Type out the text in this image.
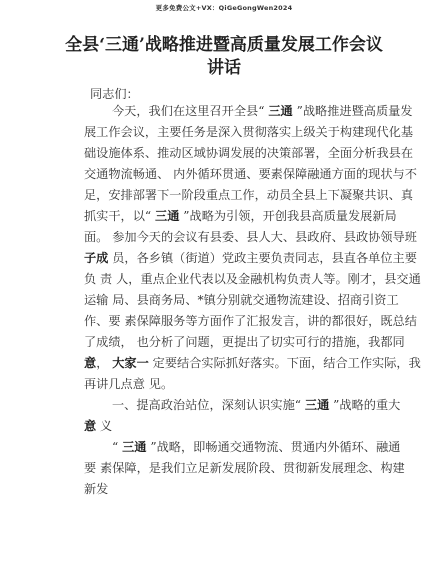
更多免费公文+VX：QiGeGongWen2024
全县‘三通’战略推进暨高质量发展工作会议
讲话
同志们：
今天，我们在这里召开全县“ 三通 ”战略推进暨高质量发
展工作会议，主要任务是深入贯彻落实上级关于构建现代化基
础设施体系、推动区域协调发展的决策部署，全面分析我县在
交通物流畅通、 内外循环贯通、要素保障融通方面的现状与不
足，安排部署下一阶段重点工作，动员全县上下凝聚共识、真
抓实干，以“ 三通 ”战略为引领，开创我县高质量发展新局
面。 参加今天的会议有县委、县人大、县政府、县政协领导班
子成 员，各乡镇（街道）党政主要负责同志，县直各单位主要
负 责 人，重点企业代表以及金融机构负责人等。刚才，县交通
运输 局、县商务局、*镇分别就交通物流建设、招商引资工
作、要 素保障服务等方面作了汇报发言，讲的都很好，既总结
了成绩， 也分析了问题，更提出了切实可行的措施，我都同
意， 大家一 定要结合实际抓好落实。下面，结合工作实际，我
再讲几点意 见。
一、提高政治站位，深刻认识实施“ 三通 ”战略的重大
意 义
“ 三通 ”战略，即畅通交通物流、贯通内外循环、融通
要 素保障，是我们立足新发展阶段、贯彻新发展理念、构建
新发
